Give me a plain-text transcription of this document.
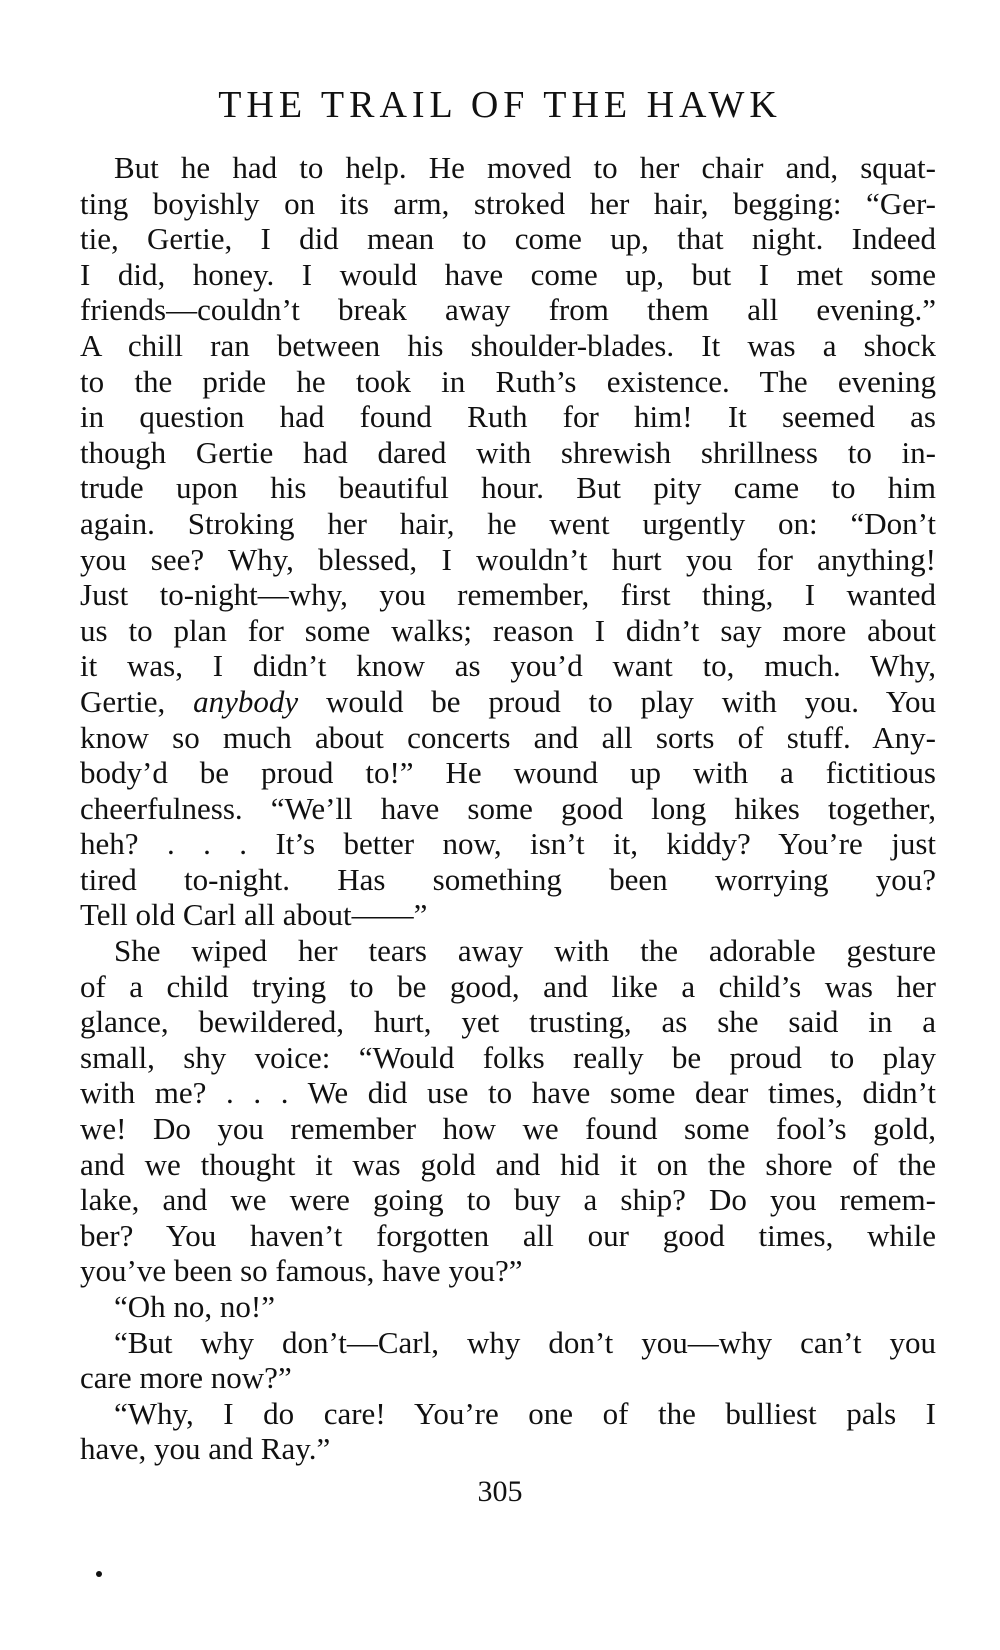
THE TRAIL OF THE HAWK
But he had to help. He moved to her chair and, squat-
ting boyishly on its arm, stroked her hair, begging: “Ger-
tie, Gertie, I did mean to come up, that night. Indeed
I did, honey. I would have come up, but I met some
friends—couldn’t break away from them all evening.”
A chill ran between his shoulder-blades. It was a shock
to the pride he took in Ruth’s existence. The evening
in question had found Ruth for him! It seemed as
though Gertie had dared with shrewish shrillness to in-
trude upon his beautiful hour. But pity came to him
again. Stroking her hair, he went urgently on: “Don’t
you see? Why, blessed, I wouldn’t hurt you for anything!
Just to-night—why, you remember, first thing, I wanted
us to plan for some walks; reason I didn’t say more about
it was, I didn’t know as you’d want to, much. Why,
Gertie, anybody would be proud to play with you. You
know so much about concerts and all sorts of stuff. Any-
body’d be proud to!” He wound up with a fictitious
cheerfulness. “We’ll have some good long hikes together,
heh? . . . It’s better now, isn’t it, kiddy? You’re just
tired to-night. Has something been worrying you?
Tell old Carl all about——”
She wiped her tears away with the adorable gesture
of a child trying to be good, and like a child’s was her
glance, bewildered, hurt, yet trusting, as she said in a
small, shy voice: “Would folks really be proud to play
with me? . . . We did use to have some dear times, didn’t
we! Do you remember how we found some fool’s gold,
and we thought it was gold and hid it on the shore of the
lake, and we were going to buy a ship? Do you remem-
ber? You haven’t forgotten all our good times, while
you’ve been so famous, have you?”
“Oh no, no!”
“But why don’t—Carl, why don’t you—why can’t you
care more now?”
“Why, I do care! You’re one of the bulliest pals I
have, you and Ray.”
305
